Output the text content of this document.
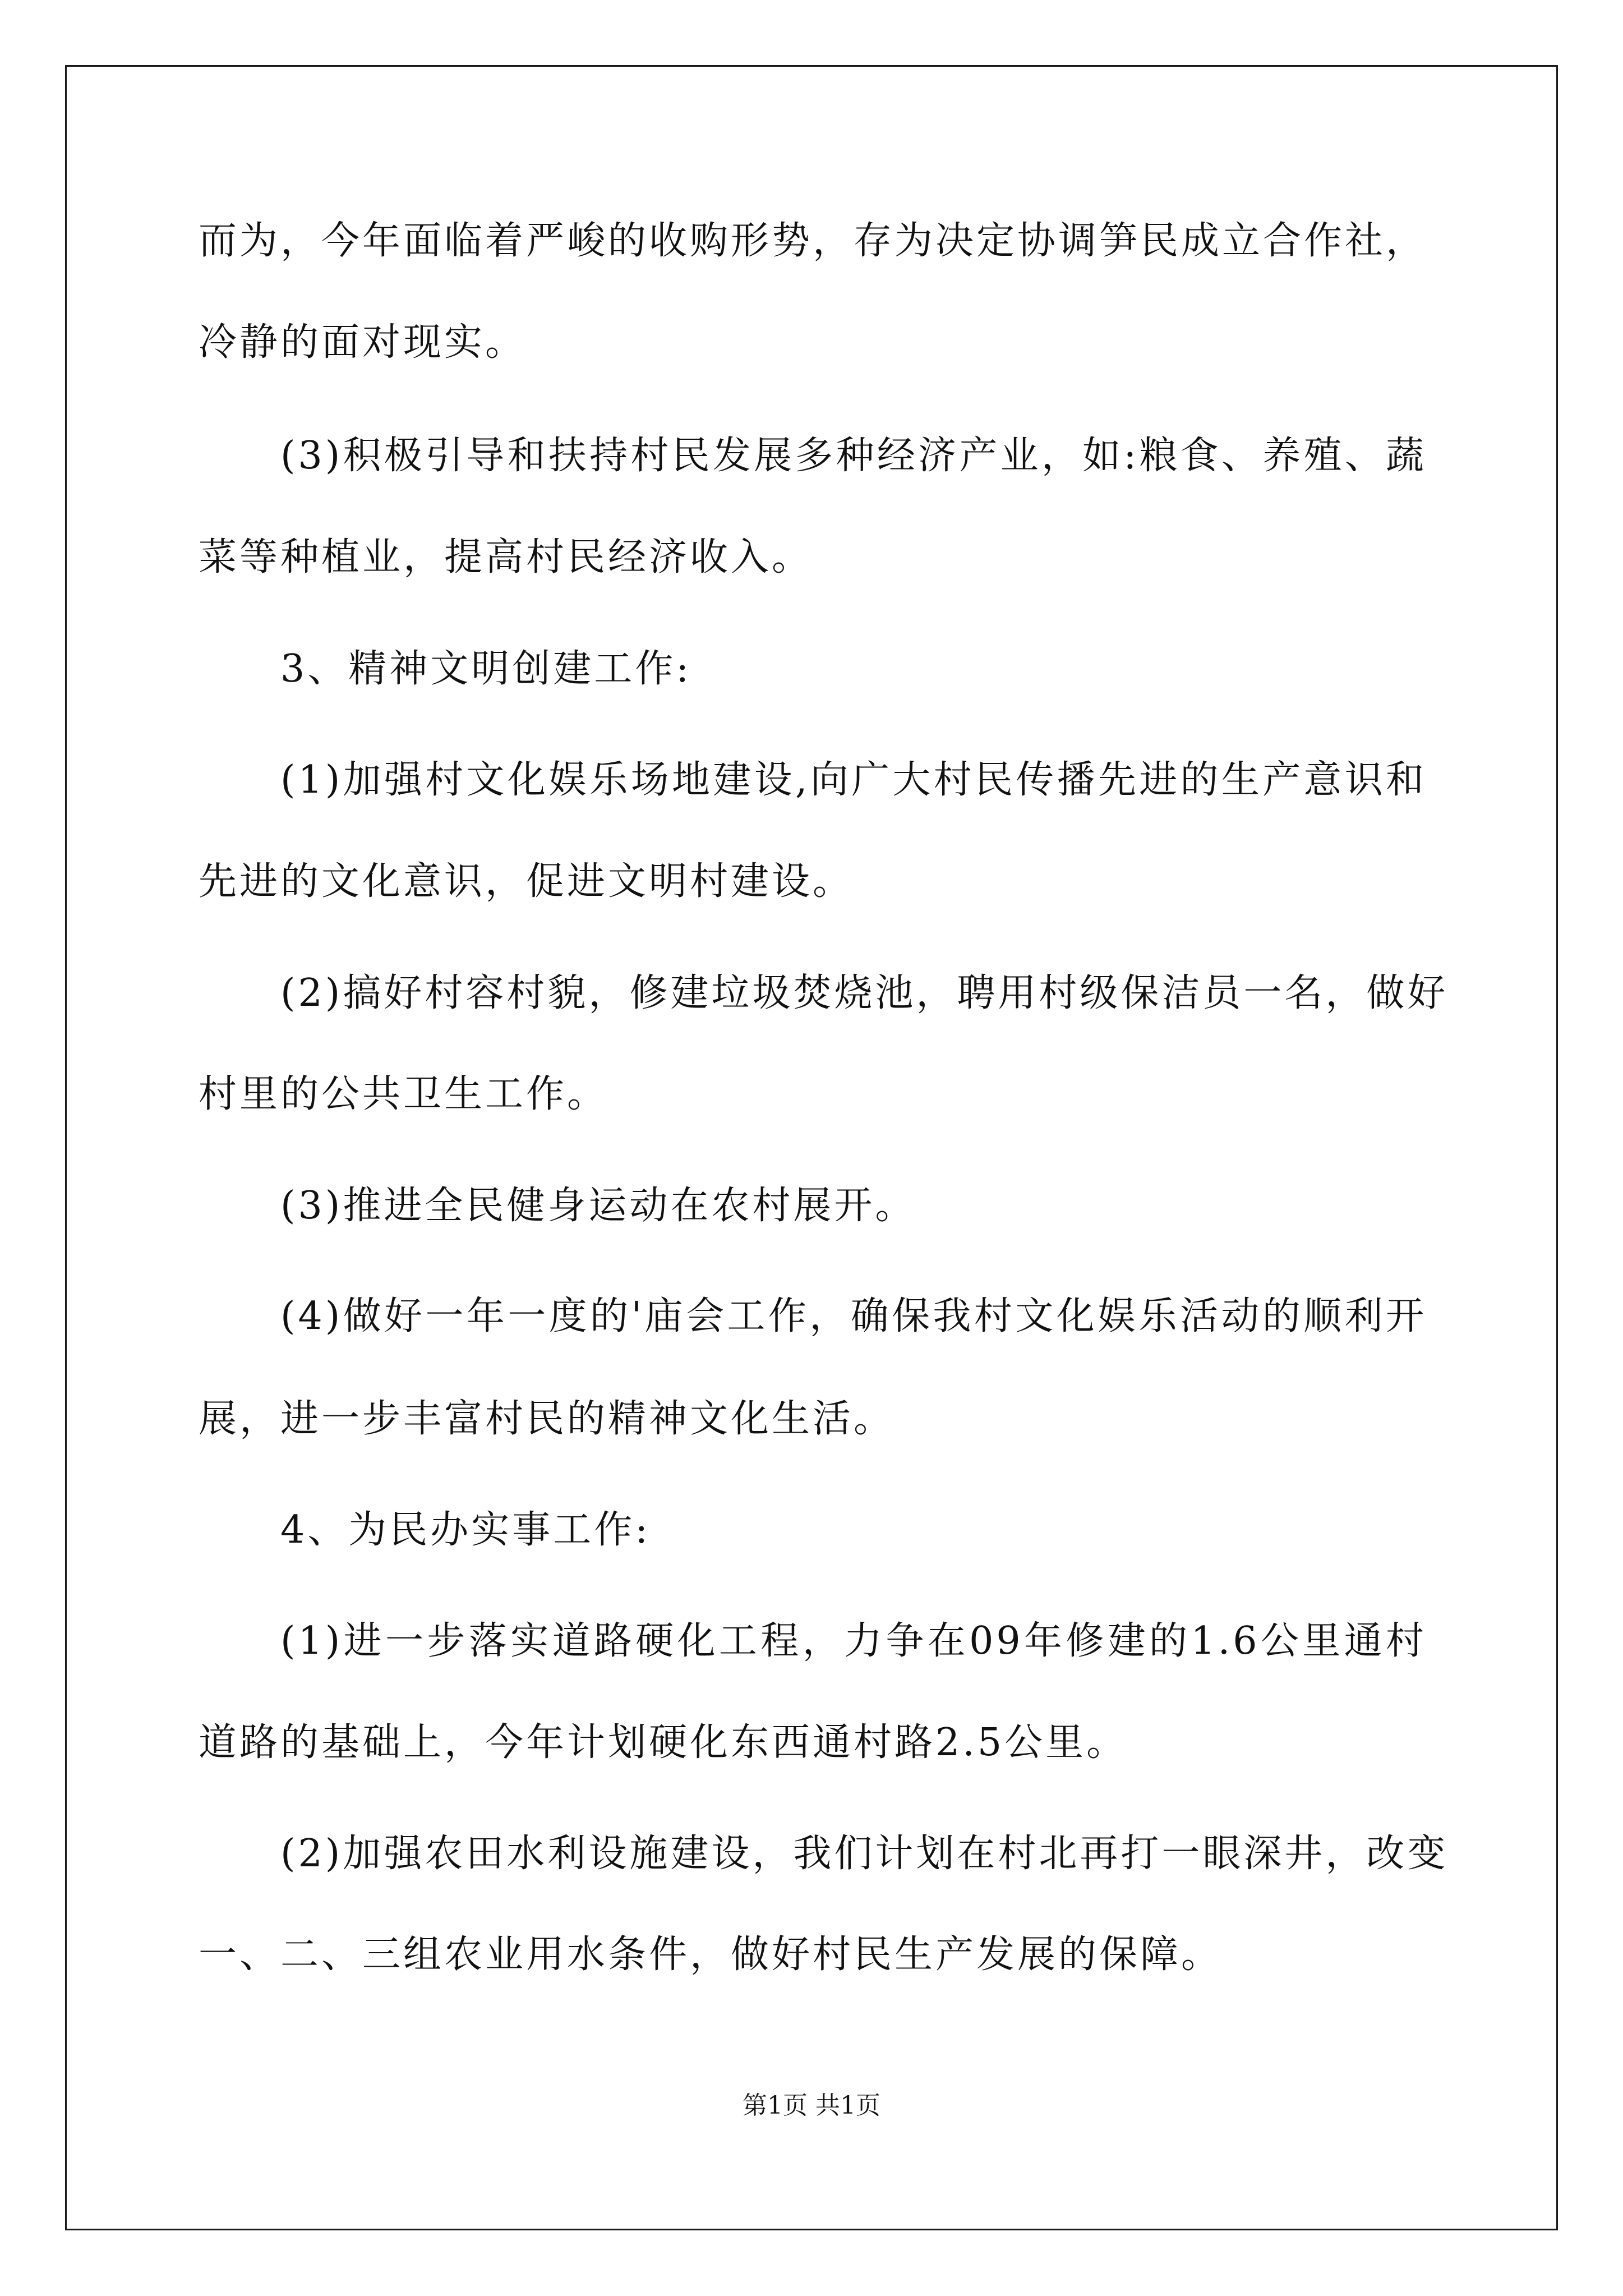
而为，今年面临着严峻的收购形势，存为决定协调笋民成立合作社，
冷静的面对现实。
(3)积极引导和扶持村民发展多种经济产业，如:粮食、养殖、蔬
菜等种植业，提高村民经济收入。
3、精神文明创建工作:
(1)加强村文化娱乐场地建设,向广大村民传播先进的生产意识和
先进的文化意识，促进文明村建设。
(2)搞好村容村貌，修建垃圾焚烧池，聘用村级保洁员一名，做好
村里的公共卫生工作。
(3)推进全民健身运动在农村展开。
(4)做好一年一度的'庙会工作，确保我村文化娱乐活动的顺利开
展，进一步丰富村民的精神文化生活。
4、为民办实事工作:
(1)进一步落实道路硬化工程，力争在09年修建的1.6公里通村
道路的基础上，今年计划硬化东西通村路2.5公里。
(2)加强农田水利设施建设，我们计划在村北再打一眼深井，改变
一、二、三组农业用水条件，做好村民生产发展的保障。
第1页 共1页
